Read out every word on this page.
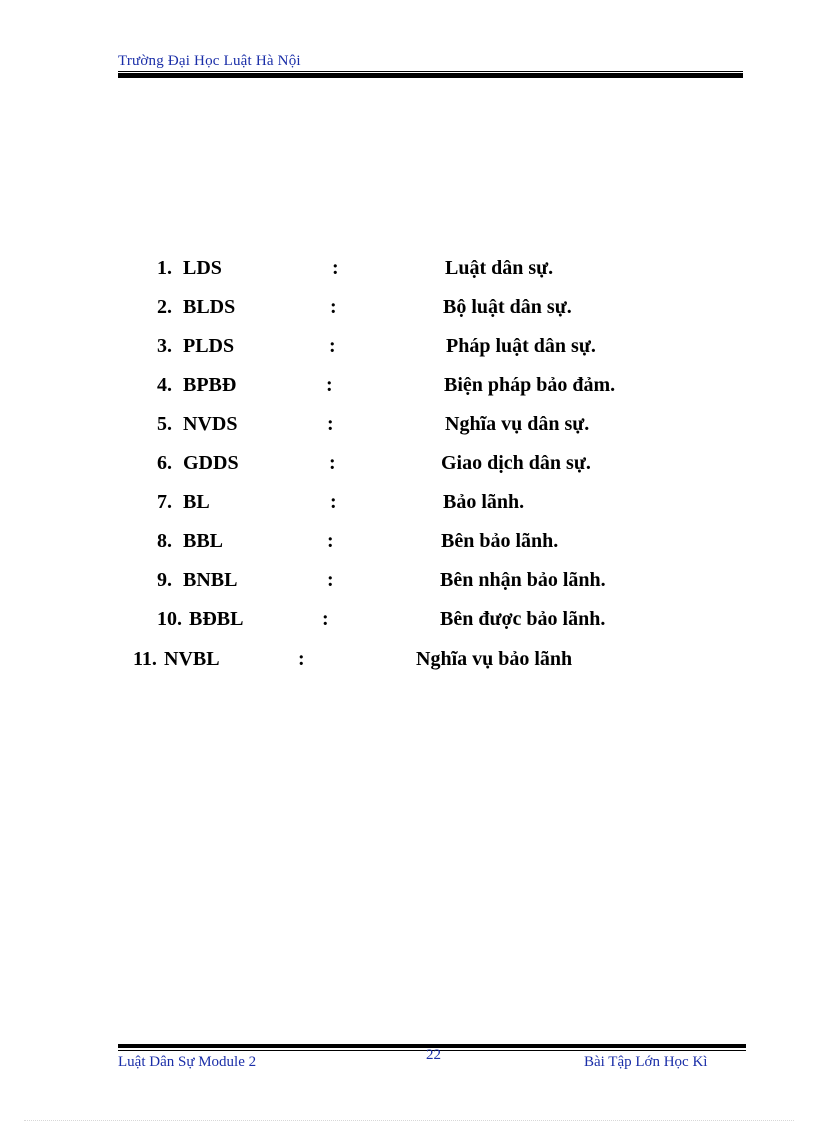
Trường Đại Học Luật Hà Nội
1. LDS	:	Luật dân sự.
2. BLDS	:	Bộ luật dân sự.
3. PLDS	:	Pháp luật dân sự.
4. BPBĐ	:	Biện pháp bảo đảm.
5. NVDS	:	Nghĩa vụ dân sự.
6. GDDS	:	Giao dịch dân sự.
7. BL	:	Bảo lãnh.
8. BBL	:	Bên bảo lãnh.
9. BNBL	:	Bên nhận bảo lãnh.
10. BĐBL	:	Bên được bảo lãnh.
11. NVBL	:	Nghĩa vụ bảo lãnh
Luật Dân Sự Module 2	22	Bài Tập Lớn Học Kì
